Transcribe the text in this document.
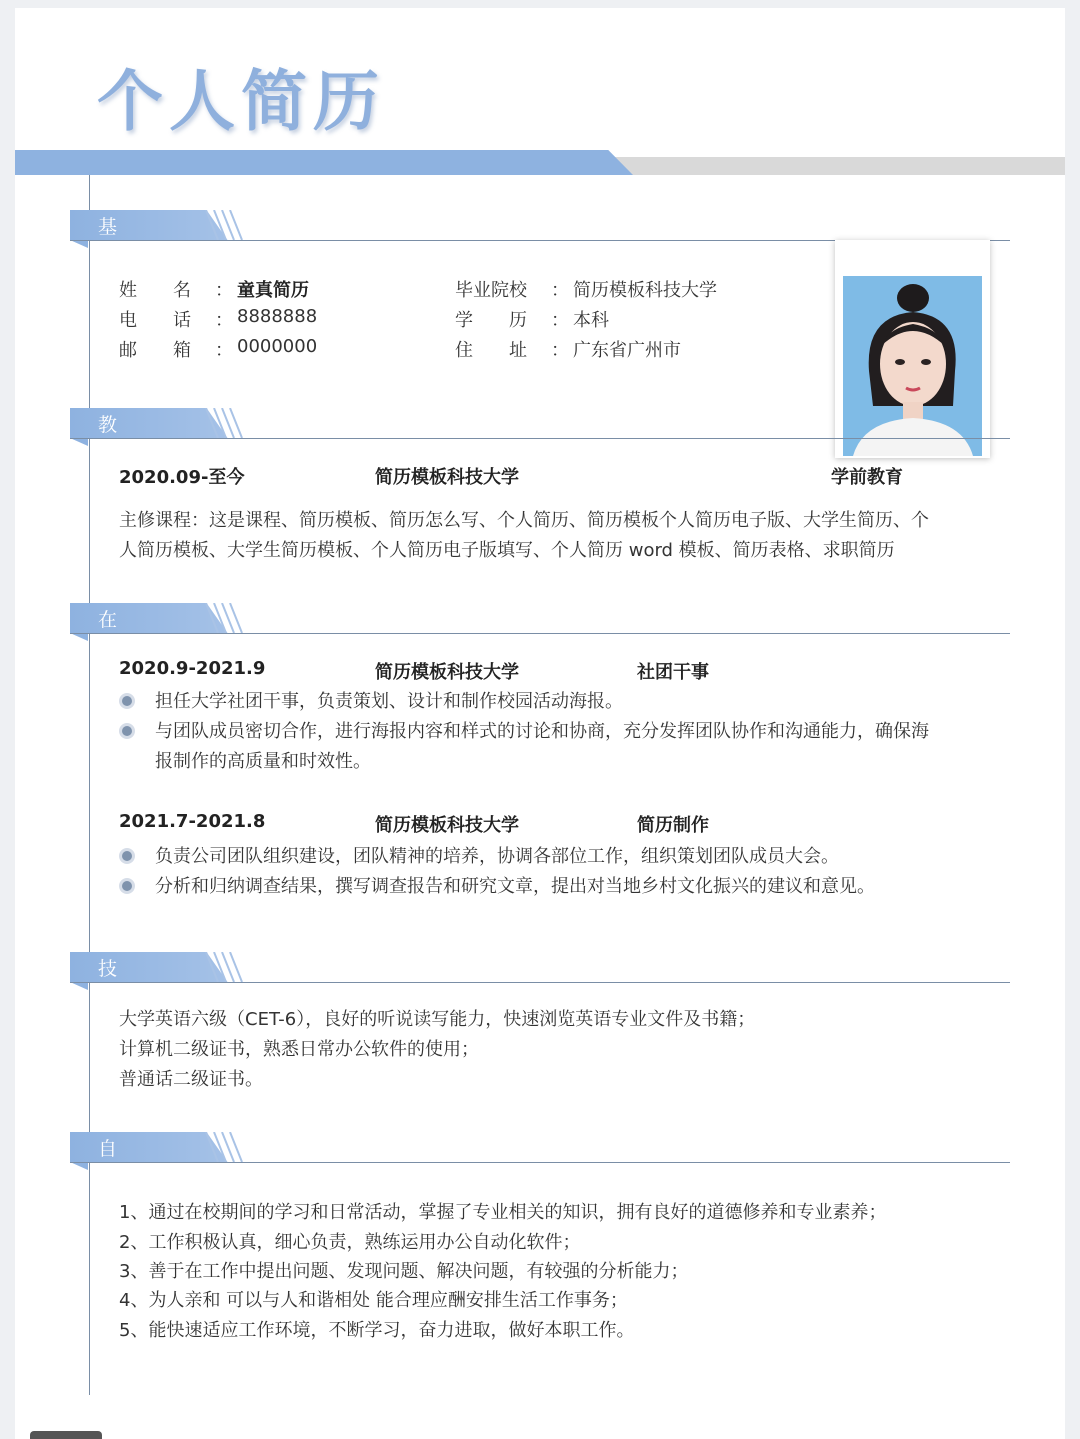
个人简历
基本信息
姓　　名 ： 童真简历
电　　话 ： 8888888
邮　　箱 ： 0000000
毕业院校 ： 简历模板科技大学
学　　历 ： 本科
住　　址 ： 广东省广州市
教育背景
2020.09-至今	简历模板科技大学	学前教育
主修课程：这是课程、简历模板、简历怎么写、个人简历、简历模板个人简历电子版、大学生简历、个
人简历模板、大学生简历模板、个人简历电子版填写、个人简历 word 模板、简历表格、求职简历
在校经历
2020.9-2021.9	简历模板科技大学	社团干事
担任大学社团干事，负责策划、设计和制作校园活动海报。
与团队成员密切合作，进行海报内容和样式的讨论和协商，充分发挥团队协作和沟通能力，确保海
报制作的高质量和时效性。
2021.7-2021.8	简历模板科技大学	简历制作
负责公司团队组织建设，团队精神的培养，协调各部位工作，组织策划团队成员大会。
分析和归纳调查结果，撰写调查报告和研究文章，提出对当地乡村文化振兴的建议和意见。
技能证书
大学英语六级（CET-6），良好的听说读写能力，快速浏览英语专业文件及书籍；
计算机二级证书，熟悉日常办公软件的使用；
普通话二级证书。
自我评价
1、通过在校期间的学习和日常活动，掌握了专业相关的知识，拥有良好的道德修养和专业素养；
2、工作积极认真，细心负责，熟练运用办公自动化软件；
3、善于在工作中提出问题、发现问题、解决问题，有较强的分析能力；
4、为人亲和 可以与人和谐相处 能合理应酬安排生活工作事务；
5、能快速适应工作环境，不断学习，奋力进取，做好本职工作。
